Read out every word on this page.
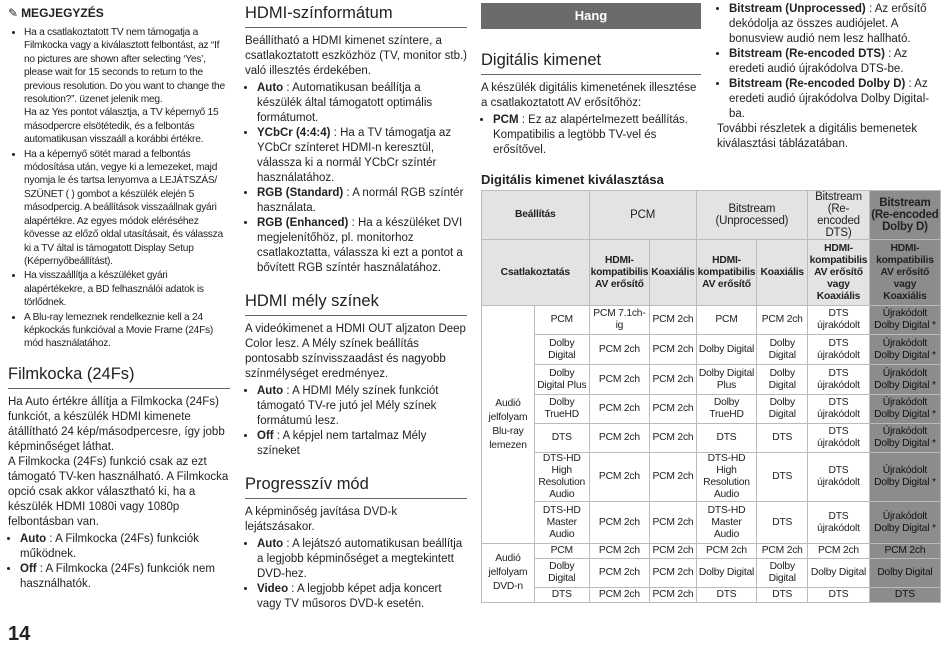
✎ MEGJEGYZÉS

• Ha a csatlakoztatott TV nem támogatja a Filmkocka vagy a kiválasztott felbontást, az “If no pictures are shown after selecting ‘Yes’, please wait for 15 seconds to return to the previous resolution. Do you want to change the resolution?”. üzenet jelenik meg.

Ha az Yes pontot választja, a TV képernyő 15 másodpercre elsötétedik, és a felbontás automatikusan visszaáll a korábbi értékre.

• Ha a képernyő sötét marad a felbontás módosítása után, vegye ki a lemezeket, majd nyomja le és tartsa lenyomva a LEJÁTSZÁS/ SZÜNET ( ) gombot a készülék elején 5 másodpercig. A beállítások visszaállnak gyári alapértékre. Az egyes módok eléréséhez kövesse az előző oldal utasításait, és válassza ki a TV által is támogatott Display Setup (Képernyőbeállítást).
• Ha visszaállítja a készüléket gyári alapértékekre, a BD felhasználói adatok is törlődnek.
• A Blu-ray lemeznek rendelkeznie kell a 24 képkockás funkcióval a Movie Frame (24Fs) mód használatához.
Filmkocka (24Fs)

Ha Auto értékre állítja a Filmkocka (24Fs) funkciót, a készülék HDMI kimenete átállítható 24 kép/másodpercesre, így jobb képminőséget láthat.

A Filmkocka (24Fs) funkció csak az ezt támogató TV-ken használható. A Filmkocka opció csak akkor választható ki, ha a készülék HDMI 1080i vagy 1080p felbontásban van.

• Auto : A Filmkocka (24Fs) funkciók működnek.
• Off : A Filmkocka (24Fs) funkciók nem használhatók.
HDMI-színformátum

Beállítható a HDMI kimenet színtere, a csatlakoztatott eszközhöz (TV, monitor stb.) való illesztés érdekében.

• Auto : Automatikusan beállítja a készülék által támogatott optimális formátumot.
• YCbCr (4:4:4) : Ha a TV támogatja az YCbCr színteret HDMI-n keresztül, válassza ki a normál YCbCr színtér használatához.
• RGB (Standard) : A normál RGB színtér használata.
• RGB (Enhanced) : Ha a készüléket DVI megjelenítőhöz, pl. monitorhoz csatlakoztatta, válassza ki ezt a pontot a bővített RGB színtér használatához.
HDMI mély színek

A videókimenet a HDMI OUT aljzaton Deep Color lesz. A Mély színek beállítás pontosabb színvisszaadást és nagyobb színmélységet eredményez.

• Auto : A HDMI Mély színek funkciót támogató TV-re jutó jel Mély színek formátumú lesz.
• Off : A képjel nem tartalmaz Mély színeket
Progresszív mód

A képminőség javítása DVD-k lejátszásakor.

• Auto : A lejátszó automatikusan beállítja a legjobb képminőséget a megtekintett DVD-hez.
• Video : A legjobb képet adja koncert vagy TV műsoros DVD-k esetén.
Hang
Digitális kimenet

A készülék digitális kimenetének illesztése a csatlakoztatott AV erősítőhöz:

• PCM : Ez az alapértelmezett beállítás. Kompatibilis a legtöbb TV-vel és erősítővel.
Digitális kimenet kiválasztása
• Bitstream (Unprocessed) : Az erősítő dekódolja az összes audiójelet. A bonusview audió nem lesz hallható.
• Bitstream (Re-encoded DTS) : Az eredeti audió újrakódolva DTS-be.
• Bitstream (Re-encoded Dolby D) : Az eredeti audió újrakódolva Dolby Digital-ba.

További részletek a digitális bemenetek kiválasztási táblázatában.

Beállítás		PCM		Bitstream (Unprocessed)		Bitstream (Re-encoded DTS)	Bitstream (Re-encoded Dolby D)
Csatlakoztatás		HDMI-kompatibilis AV erősítő	Koaxiális	HDMI-kompatibilis AV erősítő	Koaxiális	HDMI-kompatibilis AV erősítő vagy Koaxiális	HDMI-kompatibilis AV erősítő vagy Koaxiális
Audió jelfolyam Blu-ray lemezen	PCM	PCM 7.1ch-ig	PCM 2ch	PCM	PCM 2ch	DTS újrakódolt	Újrakódolt Dolby Digital *
	Dolby Digital	PCM 2ch	PCM 2ch	Dolby Digital	Dolby Digital	DTS újrakódolt	Újrakódolt Dolby Digital *
	Dolby Digital Plus	PCM 2ch	PCM 2ch	Dolby Digital Plus	Dolby Digital	DTS újrakódolt	Újrakódolt Dolby Digital *
	Dolby TrueHD	PCM 2ch	PCM 2ch	Dolby TrueHD	Dolby Digital	DTS újrakódolt	Újrakódolt Dolby Digital *
	DTS	PCM 2ch	PCM 2ch	DTS	DTS	DTS újrakódolt	Újrakódolt Dolby Digital *
	DTS-HD High Resolution Audio	PCM 2ch	PCM 2ch	DTS-HD High Resolution Audio	DTS	DTS újrakódolt	Újrakódolt Dolby Digital *
	DTS-HD Master Audio	PCM 2ch	PCM 2ch	DTS-HD Master Audio	DTS	DTS újrakódolt	Újrakódolt Dolby Digital *
Audió jelfolyam DVD-n	PCM	PCM 2ch	PCM 2ch	PCM 2ch	PCM 2ch	PCM 2ch	PCM 2ch
	Dolby Digital	PCM 2ch	PCM 2ch	Dolby Digital	Dolby Digital	Dolby Digital	Dolby Digital
	DTS	PCM 2ch	PCM 2ch	DTS	DTS	DTS	DTS
14
